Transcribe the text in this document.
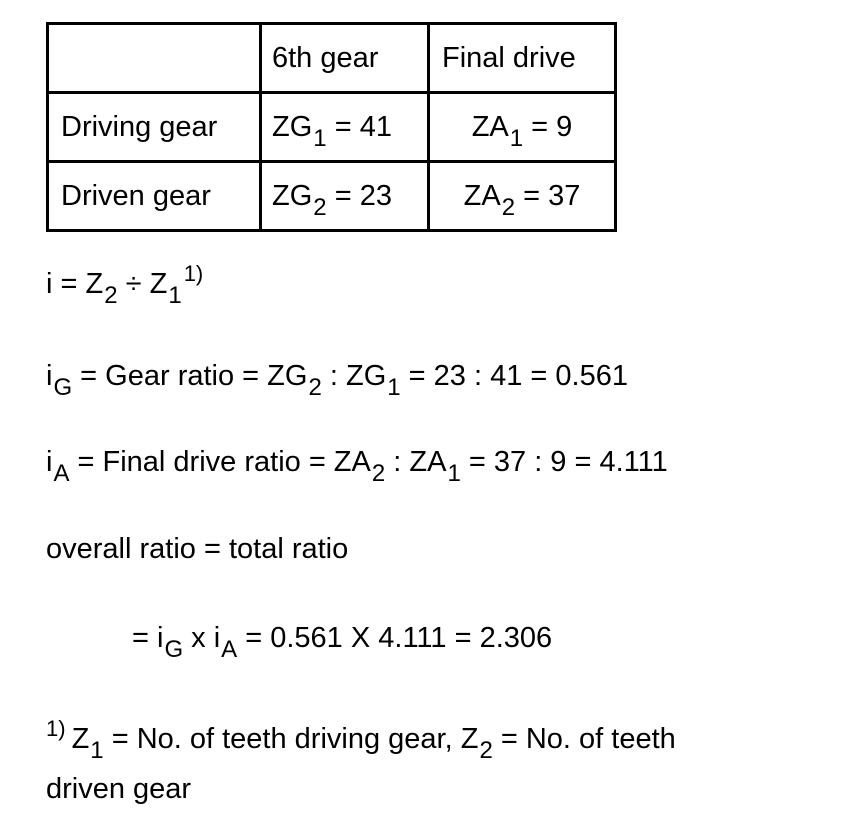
	6th gear	Final drive
Driving gear	$ZG_1 = 41$	$ZA_1 = 9$
Driven gear	$ZG_2 = 23$	$ZA_2 = 37$
$i = Z_2 \div Z_1^{1)}$
$i_G$ = Gear ratio = $ZG_2$ : $ZG_1 = 23$ : 41 = 0.561
$i_A$ = Final drive ratio = $ZA_2$ : $ZA_1 = 37$ : 9 = 4.111
overall ratio = total ratio
= $i_G$ x $i_A = 0.561$ X 4.111 = 2.306
$^{1)}$ $Z_1 = No$. of teeth driving gear, $Z_2 = No$. of teeth
driven gear
